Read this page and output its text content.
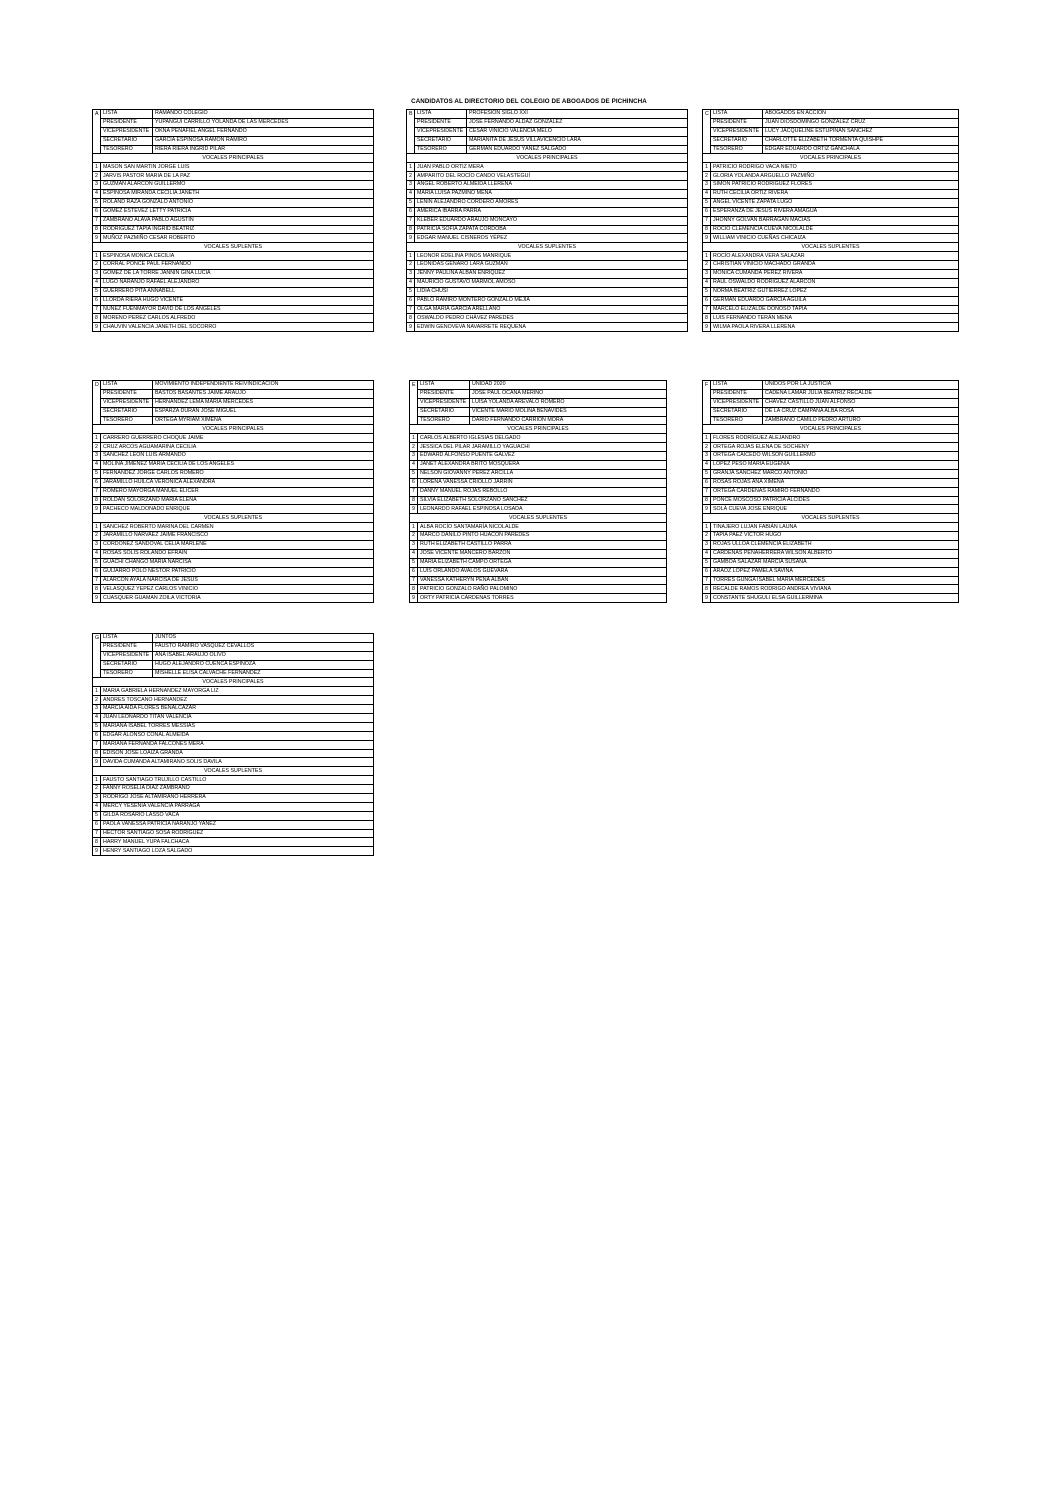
CANDIDATOS AL DIRECTORIO DEL COLEGIO DE ABOGADOS DE PICHINCHA
A	LISTA	RAMANDO COLEGIO
	PRESIDENTE	YUPANGUI CARRILLO YOLANDA DE LAS MERCEDES
	VICEPRESIDENTE	OKNA PEÑAFIEL ANGEL FERNANDO
	SECRETARIO	GARCÍA ESPINOSA RAMON RAMIRO
	TESORERO	RIERA RIERA INGRID PILAR
VOCALES PRINCIPALES		
1	MASON SAN MARTIN JORGE LUIS	
2	JARVIS PASTOR MARIA DE LA PAZ	
3	GUZMAN ALARCON GUILLERMO	
4	ESPINOSA MIRANDA CECILIA JANETH	
5	ROLAND RAZA GONZALO ANTONIO	
6	GOMEZ ESTEVEZ LETTY PATRICIA	
7	ZAMBRANO ALAVA PABLO AGUSTIN	
8	RODRIGUEZ TAPIA INGRID BEATRIZ	
9	MUÑOZ PAZMIÑO CESAR ROBERTO	
VOCALES SUPLENTES		
1	ESPINOSA MONICA CECILIA	
2	CORRAL PONCE PAUL FERNANDO	
3	GOMEZ DE LA TORRE JANNIN GINA LUCIA	
4	LUGO NARANJO RAFAEL ALEJANDRO	
5	GUERRERO PITA ANNABELL	
6	LLORDA RIERA HUGO VICENTE	
7	NUÑEZ FUENMAYOR DAVID DE LOS ANGELES	
8	MORENO PEREZ CARLOS ALFREDO	
9	CHAUVIN VALENCIA JANETH DEL SOCORRO	
B	LISTA	PROFESION SIGLO XXI
	PRESIDENTE	JOSE FERNANDO ALDAZ GONZALEZ
	VICEPRESIDENTE	CESAR VINICIO VALENCIA MELO
	SECRETARIO	MARIANITA DE JESUS VILLAVICENCIO LARA
	TESORERO	GERMAN EDUARDO YÁNEZ SALGADO
VOCALES PRINCIPALES		
1	JUAN PABLO ORTIZ MERA	
2	AMPARITO DEL ROCÍO CANDO VELASTEGUÍ	
3	ÁNGEL ROBERTO ALMEIDA LLERENA	
4	MARÍA LUISA PAZMIÑO MENA	
5	LENIN ALEJANDRO CORDERO AMORES	
6	AMÉRICA IBARRA PARRA	
7	KLÉBER EDUARDO ARAUJO MONCAYO	
8	PATRICIA SOFÍA ZAPATA CÓRDOBA	
9	EDGAR MANUEL CISNEROS YÉPEZ	
VOCALES SUPLENTES		
1	LEONOR EDELINA PINOS MANRIQUE	
2	LEONIDAS GENARO LARA GUZMÁN	
3	JENNY PAULINA ALBÁN ENRÍQUEZ	
4	MAURICIO GUSTAVO MARMOL AMOSO	
5	LIDIA CHUSÍ	
6	PABLO RAMIRO MONTERO GONZALO MEJÍA	
7	OLGA MARÍA GARCÍA ARELLANO	
8	OSWALDO PEDRO CHÁVEZ PAREDES	
9	EDWIN GENOVEVA NAVARRETE REQUENA	
C	LISTA	ABOGADOS EN ACCION
	PRESIDENTE	JUAN DIOSDOMINGO GONZÁLEZ CRUZ
	VICEPRESIDENTE	LUCY JACQUELINE ESTUPIÑAN SÁNCHEZ
	SECRETARIO	CHARLOTTE ELIZABETH TORMENTA QUISHPE
	TESORERO	EDGAR EDUARDO ORTIZ GANCHALA
VOCALES PRINCIPALES		
1	PATRICIO RODRIGO VACA NIETO	
2	GLORIA YOLANDA ARGUELLO PAZMIÑO	
3	SIMÓN PATRICIO RODRÍGUEZ FLORES	
4	RUTH CECILIA ORTIZ RIVERA	
5	ÁNGEL VICENTE ZAPATA LUGO	
6	ESPERANZA DE JESÚS RIVERA AMAGUA	
7	JHONNY GÓLVAN BARRAGÁN MACÍAS	
8	ROCÍO CLEMENCIA CUEVA NICOLALDE	
9	WILLIAM VINICIO CUEÑAS CHICAIZA	
VOCALES SUPLENTES		
1	ROCÍO ALEXANDRA VERA SALAZAR	
2	CHRISTIAN VINICIO MACHADO GRANDA	
3	MÓNICA CUMANDÁ PÉREZ RIVERA	
4	RAUL OSWALDO RODRIGUEZ ALARCÓN	
5	NORMA BEATRIZ GUTIÉRREZ LÓPEZ	
6	GERMÁN EDUARDO GARCÍA AGUILA	
7	MARCELO ELIZALDE DONOSO TAPIA	
8	LUIS FERNANDO TERÁN MENA	
9	WILMA PAOLA RIVERA LLERENA	
D	LISTA	MOVIMIENTO INDEPENDIENTE REIVINDICACIÓN
	PRESIDENTE	BASTOS BASANTES JAIME ARAUJO
	VICEPRESIDENTE	HERNÁNDEZ LEMA MARIA MERCEDES
	SECRETARIO	ESPARZA DURÁN JOSÉ MIGUEL
	TESORERO	ORTEGA MYRIAM XIMENA
VOCALES PRINCIPALES		
1	CARRERO GUERRERO CHOQUE JAIME	
2	CRUZ ARCOS AGUAMARINA CECILIA	
3	SANCHEZ LEON LUIS ARMANDO	
4	MOLINA JIMENEZ MARIA CECILIA DE LOS ANGELES	
5	FERNANDEZ JORGE CARLOS ROMERO	
6	JARAMILLO HUILCA VERONICA ALEXANDRA	
7	ROMERO MAYORGA MANUEL ELICER	
8	ROLDAN SOLORZANO MARIA ELENA	
9	PACHECO MALDONADO ENRIQUE	
VOCALES SUPLENTES		
1	SANCHEZ ROBERTO MARINA DEL CARMEN	
2	JARAMILLO NARVAEZ JAIME FRANCISCO	
3	CORDONEZ SANDOVAL CELIA MARLENE	
4	ROSAS SOLIS ROLANDO EFRAIN	
5	GUACHI CHANGO MARIA NARCISA	
6	GUIJARRO POLO NESTOR PATRICIO	
7	ALARCON AYALA NARCISA DE JESUS	
8	VELASQUEZ YEPEZ CARLOS VINICIO	
9	CUASQUER GUAMAN ZOILA VICTORIA	
E	LISTA	UNIDAD 2020
	PRESIDENTE	JOSE PAUL OCAÑA MERINO
	VICEPRESIDENTE	LUISA YOLANDA AREVALO ROMERO
	SECRETARIO	VICENTE MARIO MOLINA BENAVIDES
	TESORERO	DARIO FERNANDO CARRION MORA
VOCALES PRINCIPALES		
1	CARLOS ALBERTO IGLESIAS DELGADO	
2	JESSICA DEL PILAR JARAMILLO YAGUACHI	
3	EDWARD ALFONSO PUENTE GALVEZ	
4	JANET ALEXANDRA BRITO MOSQUERA	
5	NELSON GIOVANNY PEREZ ARCILLA	
6	LORENA VANESSA CRIOLLO JARRIN	
7	DANNY MANUEL ROJAS REBOLLO	
8	SILVIA ELIZABETH SOLORZANO SÁNCHEZ	
9	LEONARDO RAFAEL ESPINOSA LOSADA	
VOCALES SUPLENTES		
1	ALBA ROCÍO SANTAMARÍA NICOLALDE	
2	MARCO DANILO PINTO HUACÓN PAREDES	
3	RUTH ELIZABETH CASTILLO PARRA	
4	JOSÉ VICENTE MANCERO BARZÓN	
5	MARÍA ELIZABETH CAMPO ORTEGA	
6	LUIS ORLANDO AVALOS GUEVARA	
7	VANESSA KATHERYN PEÑA ALBÁN	
8	PATRICIO GONZALO RAÑO PALOMINO	
9	ORTY PATRICIA CÁRDENAS TORRES	
F	LISTA	UNIDOS POR LA JUSTICIA
	PRESIDENTE	CADENA LAMAR JULIA BEATRIZ RECALDE
	VICEPRESIDENTE	CHÁVEZ CASTILLO JUAN ALFONSO
	SECRETARIO	DE LA CRUZ CAMPAÑA ALBA ROSA
	TESORERO	ZAMBRANO CAMILO PEDRO ARTURO
VOCALES PRINCIPALES		
1	FLORES RODRÍGUEZ ALEJANDRO	
2	ORTEGA ROJAS ELENA DE SOCHENY	
3	ORTEGA CAICEDO WILSON GUILLERMO	
4	LÓPEZ PESO MARÍA EUGENIA	
5	GRANJA SANCHEZ MARCO ANTONIO	
6	ROSAS ROJAS ANA XIMENA	
7	ORTEGA CÁRDENAS RAMIRO FERNANDO	
8	PONCE MOSCOSO PATRICIA ALCIDES	
9	SOLÁ CUEVA JOSE ENRIQUE	
VOCALES SUPLENTES		
1	TINAJERO LUJAN FABIÁN LAUNA	
2	TAPIA PAEZ VICTOR HUGO	
3	ROJAS ULLOA CLEMENCIA ELIZABETH	
4	CÁRDENAS PEÑAHERRERA WILSON ALBERTO	
5	GAMBOA SALAZAR MARCIA SUSANA	
6	ARAOZ LÓPEZ PAMELA SAVINA	
7	TORRES GUNGA ISABEL MARÍA MERCEDES	
8	RECALDE RAMOS RODRIGO ANDREA VIVIANA	
9	CONSTANTE SHUGULI ELSA GUILLERMINA	
G	LISTA	JUNTOS
	PRESIDENTE	FAUSTO RAMIRO VASQUEZ CEVALLOS
	VICEPRESIDENTE	ANA ISABEL ARAUJO OLIVO
	SECRETARIO	HUGO ALEJANDRO CUENCA ESPINOZA
	TESORERO	MISHELLE ELISA CALVACHE FERNANDEZ
VOCALES PRINCIPALES		
1	MARIA GABRIELA HERNANDEZ MAYORGA LIZ	
2	ANDRES TOSCANO HERNANDEZ	
3	MARCIA AIDA FLORES BENALCAZAR	
4	JUAN LEONARDO TITAN VALENCIA	
5	MARIANA ISABEL TORRES MESSIAS	
6	EDGAR ALONSO CONAL ALMEIDA	
7	MARIANA FERNANDA FALCONES MERA	
8	EDISON JOSE LOAIZA GRANDA	
9	DAVIDA CUMANDA ALTAMIRANO SOLIS DAVILA	
VOCALES SUPLENTES		
1	FAUSTO SANTIAGO TRUJILLO CASTILLO	
2	FANNY ROSELIA DIAZ ZAMBRANO	
3	RODRIGO JOSE ALTAMIRANO HERRERA	
4	MERCY YESENIA VALENCIA PARRAGA	
5	GILDA ROSARIO LASSO VACA	
6	PAOLA VANESSA PATRICIA NARANJO YANEZ	
7	HECTOR SANTIAGO SOSA RODRIGUEZ	
8	HARRY MANUEL YUPA FALCHACA	
9	HENRY SANTIAGO LOZA SALGADO	
